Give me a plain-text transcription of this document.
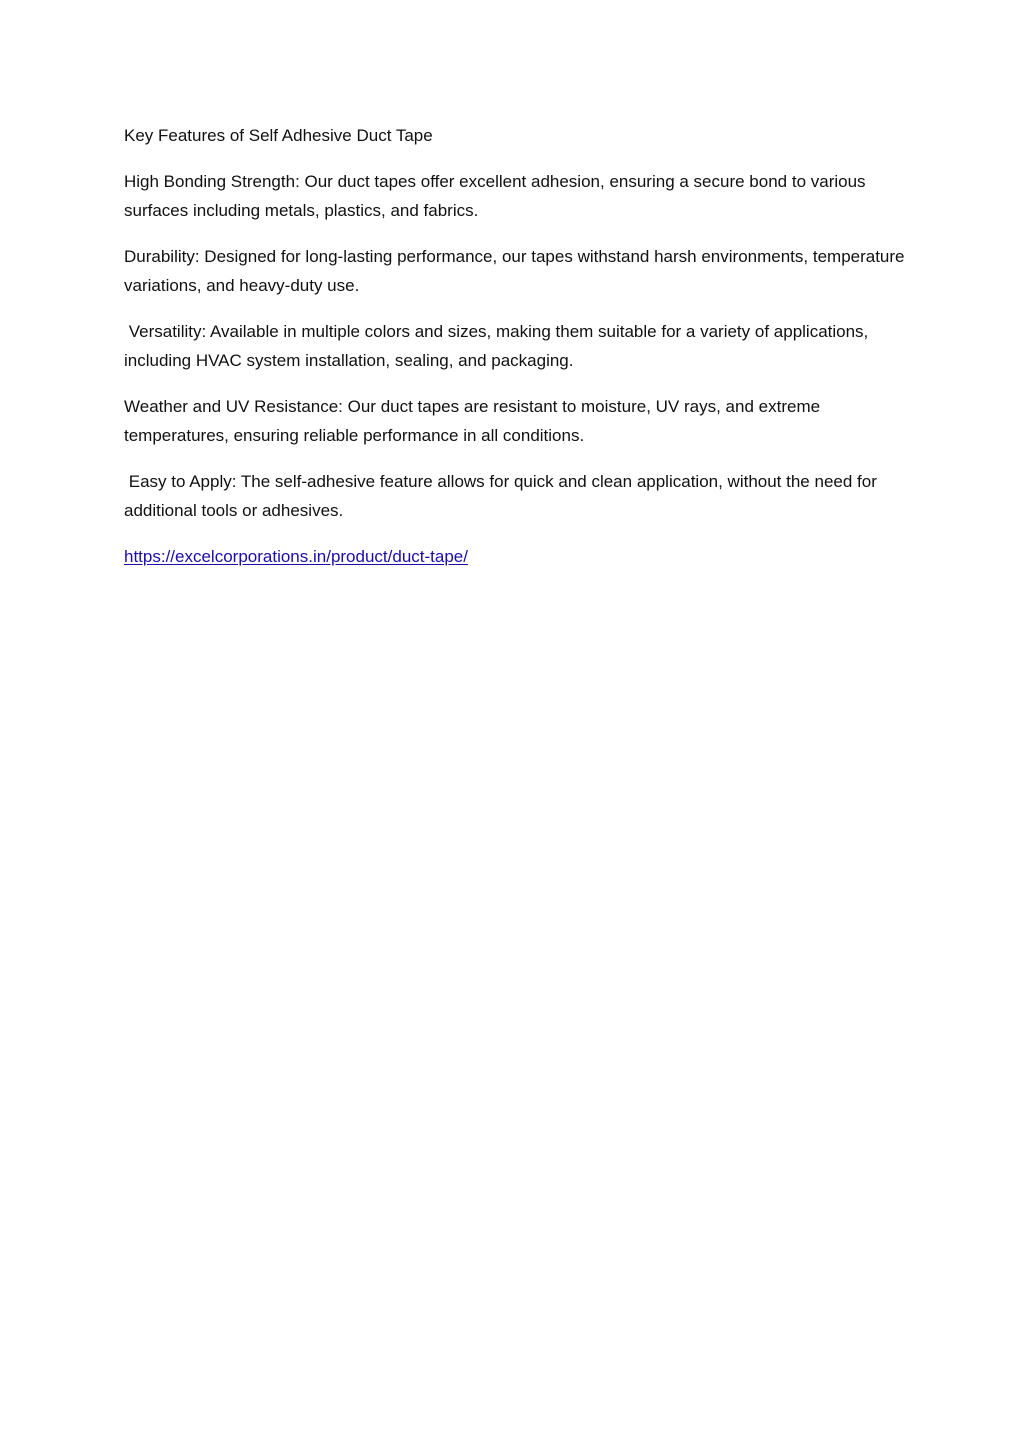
Key Features of Self Adhesive Duct Tape

High Bonding Strength: Our duct tapes offer excellent adhesion, ensuring a secure bond to various surfaces including metals, plastics, and fabrics.

Durability: Designed for long-lasting performance, our tapes withstand harsh environments, temperature variations, and heavy-duty use.

Versatility: Available in multiple colors and sizes, making them suitable for a variety of applications, including HVAC system installation, sealing, and packaging.

Weather and UV Resistance: Our duct tapes are resistant to moisture, UV rays, and extreme temperatures, ensuring reliable performance in all conditions.

Easy to Apply: The self-adhesive feature allows for quick and clean application, without the need for additional tools or adhesives.

https://excelcorporations.in/product/duct-tape/
